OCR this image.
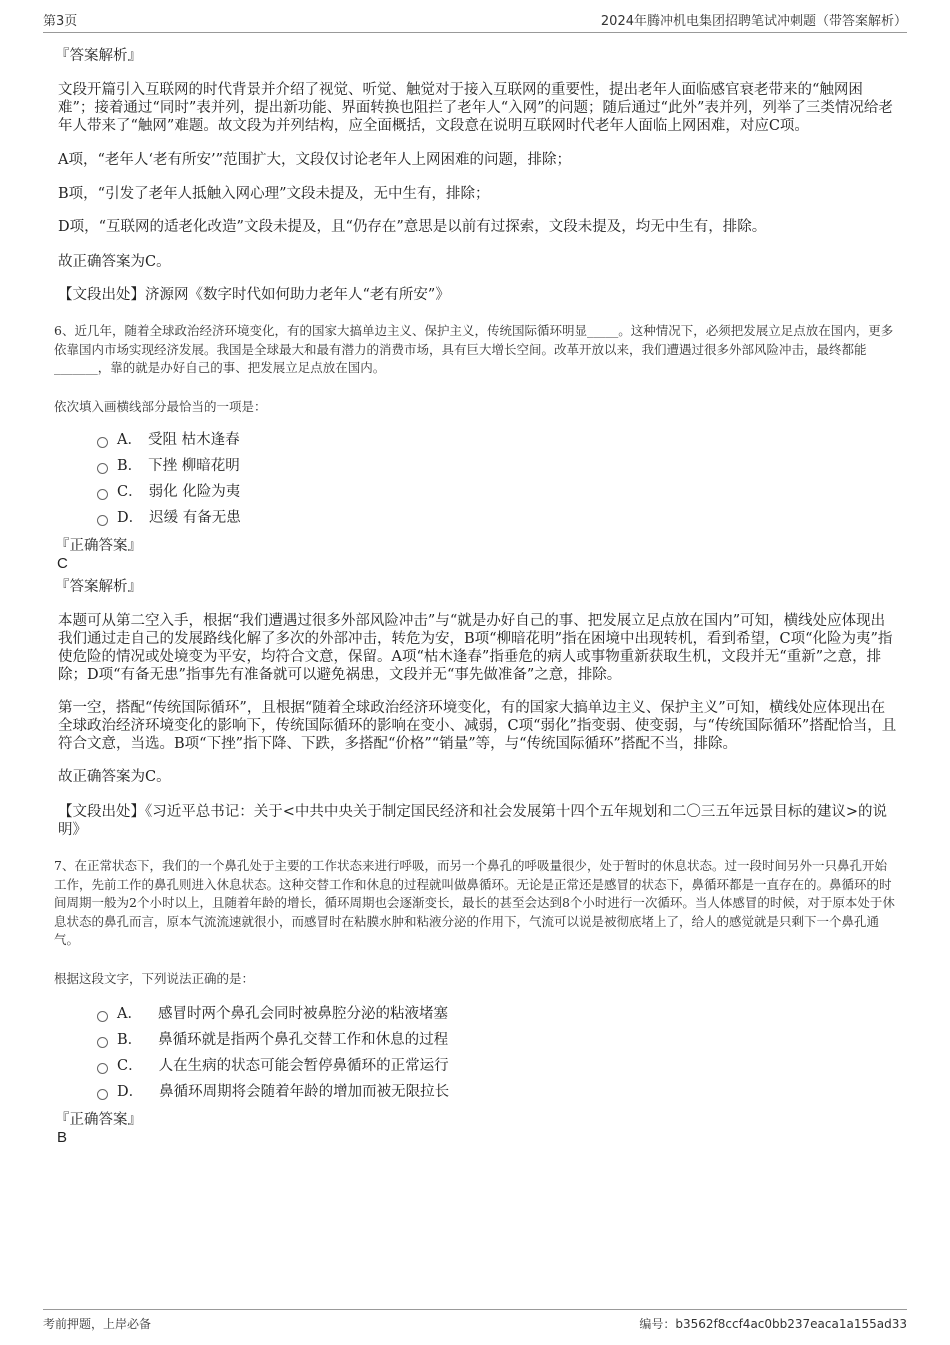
第3页	2024年腾冲机电集团招聘笔试冲刺题（带答案解析）

『答案解析』

文段开篇引入互联网的时代背景并介绍了视觉、听觉、触觉对于接入互联网的重要性，提出老年人面临感官衰老带来的“触网困难”；接着通过“同时”表并列，提出新功能、界面转换也阻拦了老年人“入网”的问题；随后通过“此外”表并列，列举了三类情况给老年人带来了“触网”难题。故文段为并列结构，应全面概括，文段意在说明互联网时代老年人面临上网困难，对应C项。

A项，“老年人‘老有所安’”范围扩大，文段仅讨论老年人上网困难的问题，排除；

B项，“引发了老年人抵触入网心理”文段未提及，无中生有，排除；

D项，“互联网的适老化改造”文段未提及，且“仍存在”意思是以前有过探索，文段未提及，均无中生有，排除。

故正确答案为C。

【文段出处】济源网《数字时代如何助力老年人“老有所安”》

6、近几年，随着全球政治经济环境变化，有的国家大搞单边主义、保护主义，传统国际循环明显_____。这种情况下，必须把发展立足点放在国内，更多依靠国内市场实现经济发展。我国是全球最大和最有潜力的消费市场，具有巨大增长空间。改革开放以来，我们遭遇过很多外部风险冲击，最终都能_______，靠的就是办好自己的事、把发展立足点放在国内。

依次填入画横线部分最恰当的一项是：

A． 受阻 枯木逢春
B． 下挫 柳暗花明
C． 弱化 化险为夷
D． 迟缓 有备无患

『正确答案』

C

『答案解析』

本题可从第二空入手，根据“我们遭遇过很多外部风险冲击”与“就是办好自己的事、把发展立足点放在国内”可知，横线处应体现出我们通过走自己的发展路线化解了多次的外部冲击，转危为安，B项“柳暗花明”指在困境中出现转机，看到希望，C项“化险为夷”指使危险的情况或处境变为平安，均符合文意，保留。A项“枯木逢春”指垂危的病人或事物重新获取生机，文段并无“重新”之意，排除；D项“有备无患”指事先有准备就可以避免祸患，文段并无“事先做准备”之意，排除。

第一空，搭配“传统国际循环”，且根据“随着全球政治经济环境变化，有的国家大搞单边主义、保护主义”可知，横线处应体现出在全球政治经济环境变化的影响下，传统国际循环的影响在变小、减弱，C项“弱化”指变弱、使变弱，与“传统国际循环”搭配恰当，且符合文意，当选。B项“下挫”指下降、下跌，多搭配“价格”“销量”等，与“传统国际循环”搭配不当，排除。

故正确答案为C。

【文段出处】《习近平总书记：关于<中共中央关于制定国民经济和社会发展第十四个五年规划和二〇三五年远景目标的建议>的说明》

7、在正常状态下，我们的一个鼻孔处于主要的工作状态来进行呼吸，而另一个鼻孔的呼吸量很少，处于暂时的休息状态。过一段时间另外一只鼻孔开始工作，先前工作的鼻孔则进入休息状态。这种交替工作和休息的过程就叫做鼻循环。无论是正常还是感冒的状态下，鼻循环都是一直存在的。鼻循环的时间周期一般为2个小时以上，且随着年龄的增长，循环周期也会逐渐变长，最长的甚至会达到8个小时进行一次循环。当人体感冒的时候，对于原本处于休息状态的鼻孔而言，原本气流流速就很小，而感冒时在粘膜水肿和粘液分泌的作用下，气流可以说是被彻底堵上了，给人的感觉就是只剩下一个鼻孔通气。

根据这段文字，下列说法正确的是：

A． 感冒时两个鼻孔会同时被鼻腔分泌的粘液堵塞
B． 鼻循环就是指两个鼻孔交替工作和休息的过程
C． 人在生病的状态可能会暂停鼻循环的正常运行
D． 鼻循环周期将会随着年龄的增加而被无限拉长

『正确答案』

B

考前押题，上岸必备	编号：b3562f8ccf4ac0bb237eaca1a155ad33
